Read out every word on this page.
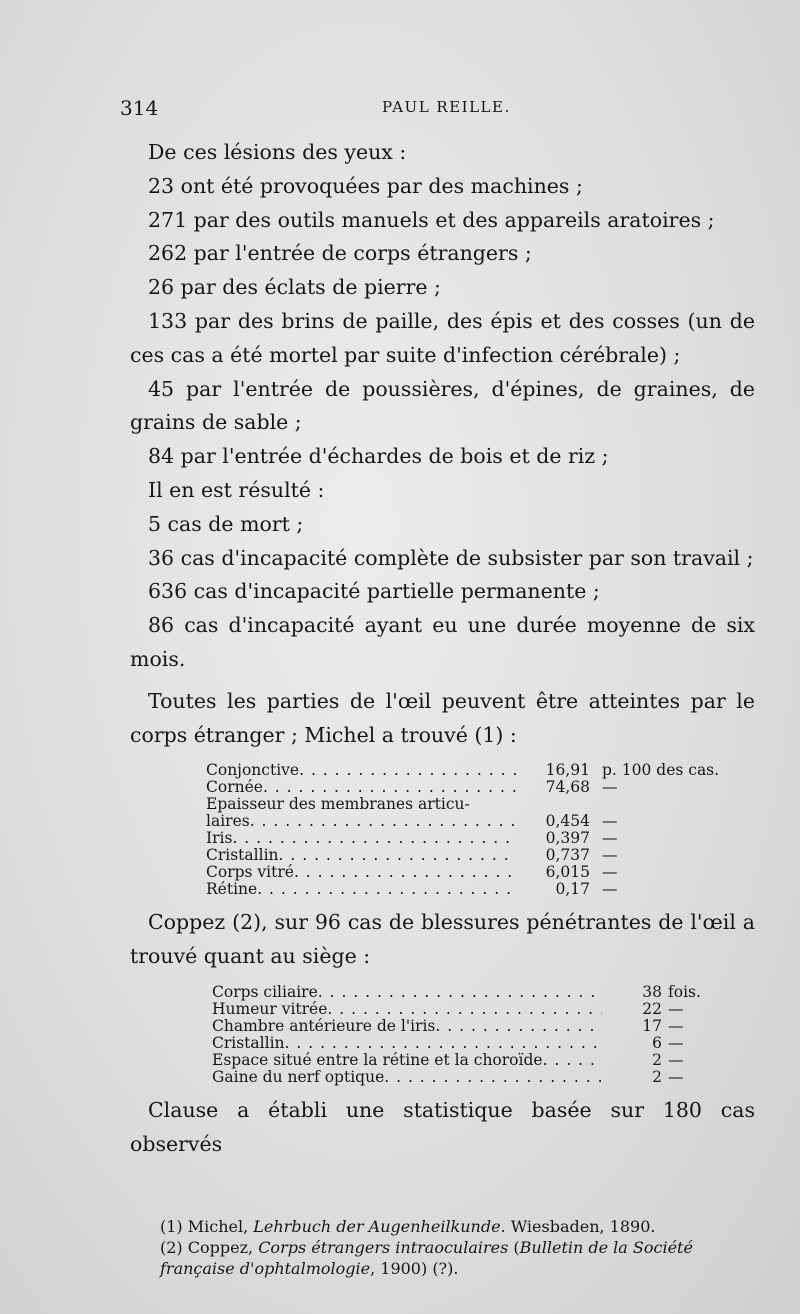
314	PAUL REILLE.

De ces lésions des yeux :

23 ont été provoquées par des machines ;

271 par des outils manuels et des appareils aratoires ;

262 par l'entrée de corps étrangers ;

26 par des éclats de pierre ;

133 par des brins de paille, des épis et des cosses (un de ces cas a été mortel par suite d'infection cérébrale) ;

45 par l'entrée de poussières, d'épines, de graines, de grains de sable ;

84 par l'entrée d'échardes de bois et de riz ;

Il en est résulté :

5 cas de mort ;

36 cas d'incapacité complète de subsister par son travail ;

636 cas d'incapacité partielle permanente ;

86 cas d'incapacité ayant eu une durée moyenne de six mois.

Toutes les parties de l'œil peuvent être atteintes par le corps étranger ; Michel a trouvé (1) :

Conjonctive . . .	16,91	p. 100 des cas.
Cornée . . .	74,68	—
Épaisseur des membranes articu-		
laires . . .	0,454	—
Iris . . .	0,397	—
Cristallin . . .	0,737	—
Corps vitré . . .	6,015	—
Rétine . . .	0,17	—

Coppez (2), sur 96 cas de blessures pénétrantes de l'œil a trouvé quant au siège :

Corps ciliaire . . .	38	fois.
Humeur vitrée . . .	22	—
Chambre antérieure de l'iris . . .	17	—
Cristallin . . .	6	—
Espace situé entre la rétine et la choroïde . . .	2	—
Gaine du nerf optique . . .	2	—

Clause a établi une statistique basée sur 180 cas observés

(1) Michel, Lehrbuch der Augenheilkunde. Wiesbaden, 1890.

(2) Coppez, Corps étrangers intraoculaires (Bulletin de la Société française d'ophtalmologie, 1900) (?).
